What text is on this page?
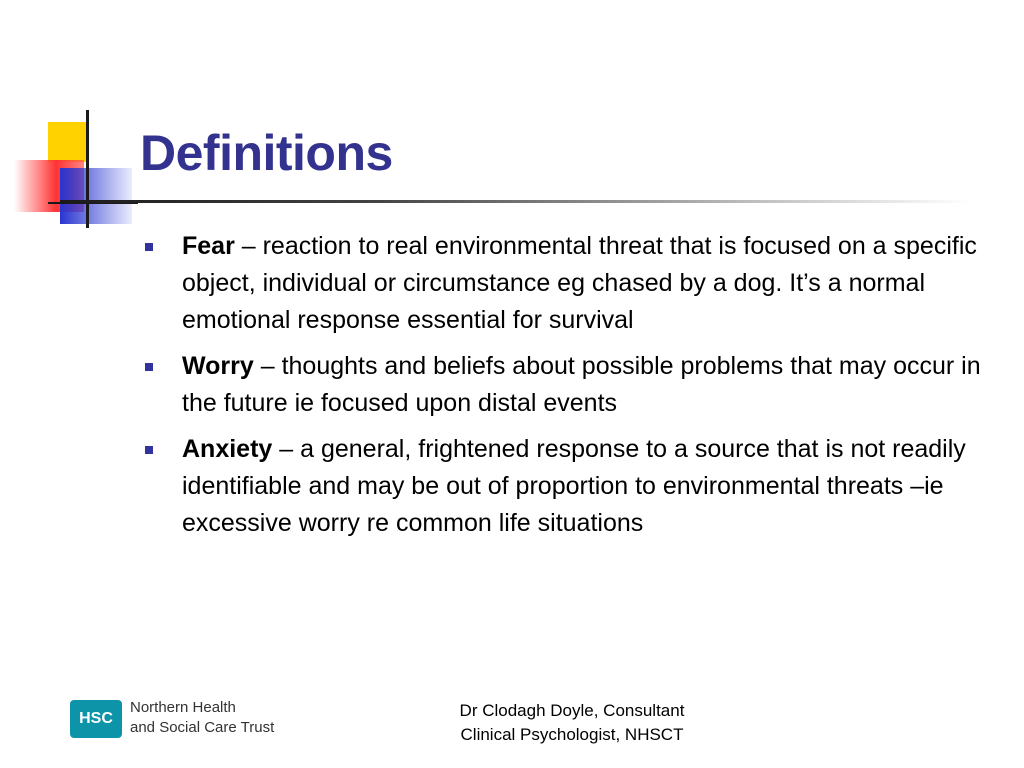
Definitions
Fear – reaction to real environmental threat that is focused on a specific object, individual or circumstance eg chased by a dog. It’s a normal emotional response essential for survival
Worry – thoughts and beliefs about possible problems that may occur in the future ie focused upon distal events
Anxiety – a general, frightened response to a source that is not readily identifiable and may be out of proportion to environmental threats –ie excessive worry re common life situations
HSC
Northern Health
and Social Care Trust
Dr Clodagh Doyle, Consultant
Clinical Psychologist, NHSCT
